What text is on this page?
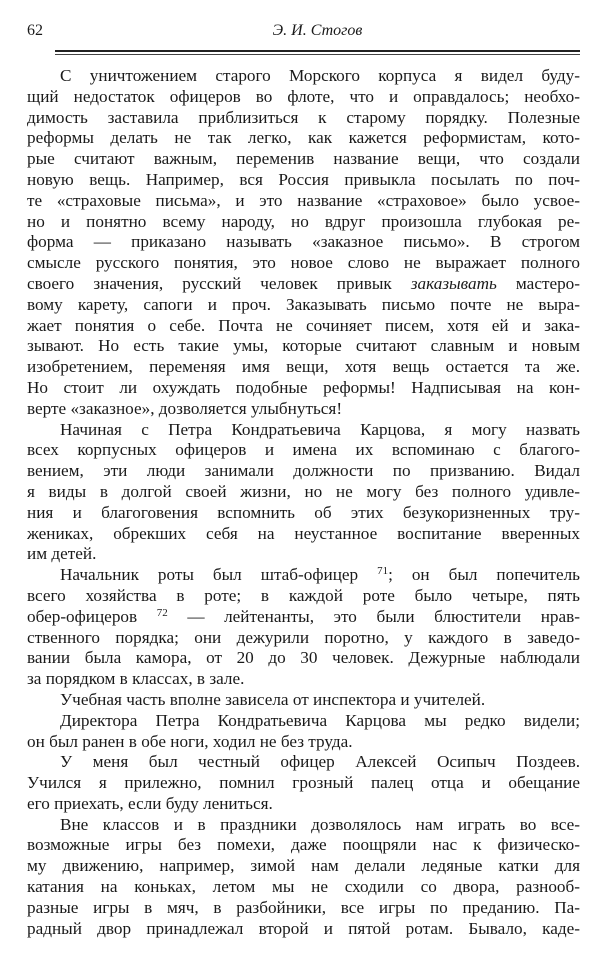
62	Э. И. Стогов
С уничтожением старого Морского корпуса я видел буду-
щий недостаток офицеров во флоте, что и оправдалось; необхо-
димость заставила приблизиться к старому порядку. Полезные
реформы делать не так легко, как кажется реформистам, кото-
рые считают важным, переменив название вещи, что создали
новую вещь. Например, вся Россия привыкла посылать по поч-
те «страховые письма», и это название «страховое» было усвое-
но и понятно всему народу, но вдруг произошла глубокая ре-
форма — приказано называть «заказное письмо». В строгом
смысле русского понятия, это новое слово не выражает полного
своего значения, русский человек привык заказывать мастеро-
вому карету, сапоги и проч. Заказывать письмо почте не выра-
жает понятия о себе. Почта не сочиняет писем, хотя ей и зака-
зывают. Но есть такие умы, которые считают славным и новым
изобретением, переменяя имя вещи, хотя вещь остается та же.
Но стоит ли охуждать подобные реформы! Надписывая на кон-
верте «заказное», дозволяется улыбнуться!
Начиная с Петра Кондратьевича Карцова, я могу назвать
всех корпусных офицеров и имена их вспоминаю с благого-
вением, эти люди занимали должности по призванию. Видал
я виды в долгой своей жизни, но не могу без полного удивле-
ния и благоговения вспомнить об этих безукоризненных тру-
жениках, обрекших себя на неустанное воспитание вверенных
им детей.
Начальник роты был штаб-офицер $^{71}$; он был попечитель
всего хозяйства в роте; в каждой роте было четыре, пять
обер-офицеров $^{72}$ — лейтенанты, это были блюстители нрав-
ственного порядка; они дежурили поротно, у каждого в заведо-
вании была камора, от 20 до 30 человек. Дежурные наблюдали
за порядком в классах, в зале.
Учебная часть вполне зависела от инспектора и учителей.
Директора Петра Кондратьевича Карцова мы редко видели;
он был ранен в обе ноги, ходил не без труда.
У меня был честный офицер Алексей Осипыч Поздеев.
Учился я прилежно, помнил грозный палец отца и обещание
его приехать, если буду лениться.
Вне классов и в праздники дозволялось нам играть во все-
возможные игры без помехи, даже поощряли нас к физическо-
му движению, например, зимой нам делали ледяные катки для
катания на коньках, летом мы не сходили со двора, разнооб-
разные игры в мяч, в разбойники, все игры по преданию. Па-
радный двор принадлежал второй и пятой ротам. Бывало, каде-
